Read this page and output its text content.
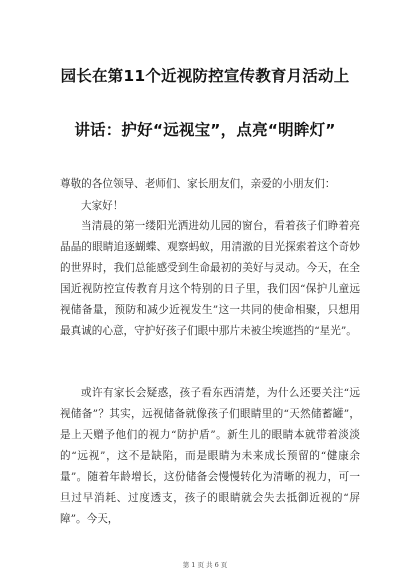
园长在第11个近视防控宣传教育月活动上
讲话：护好“远视宝”，点亮“明眸灯”
尊敬的各位领导、老师们、家长朋友们，亲爱的小朋友们：
大家好！
当清晨的第一缕阳光洒进幼儿园的窗台，看着孩子们睁着亮晶晶的眼睛追逐蝴蝶、观察蚂蚁，用清澈的目光探索着这个奇妙的世界时，我们总能感受到生命最初的美好与灵动。今天，在全国近视防控宣传教育月这个特别的日子里，我们因“保护儿童远视储备量，预防和减少近视发生”这一共同的使命相聚，只想用最真诚的心意，守护好孩子们眼中那片未被尘埃遮挡的“星光”。
或许有家长会疑惑，孩子看东西清楚，为什么还要关注“远视储备”？其实，远视储备就像孩子们眼睛里的“天然储蓄罐”，是上天赠予他们的视力“防护盾”。新生儿的眼睛本就带着淡淡的“远视”，这不是缺陷，而是眼睛为未来成长预留的“健康余量”。随着年龄增长，这份储备会慢慢转化为清晰的视力，可一旦过早消耗、过度透支，孩子的眼睛就会失去抵御近视的“屏障”。今天，
第 1 页 共 6 页
